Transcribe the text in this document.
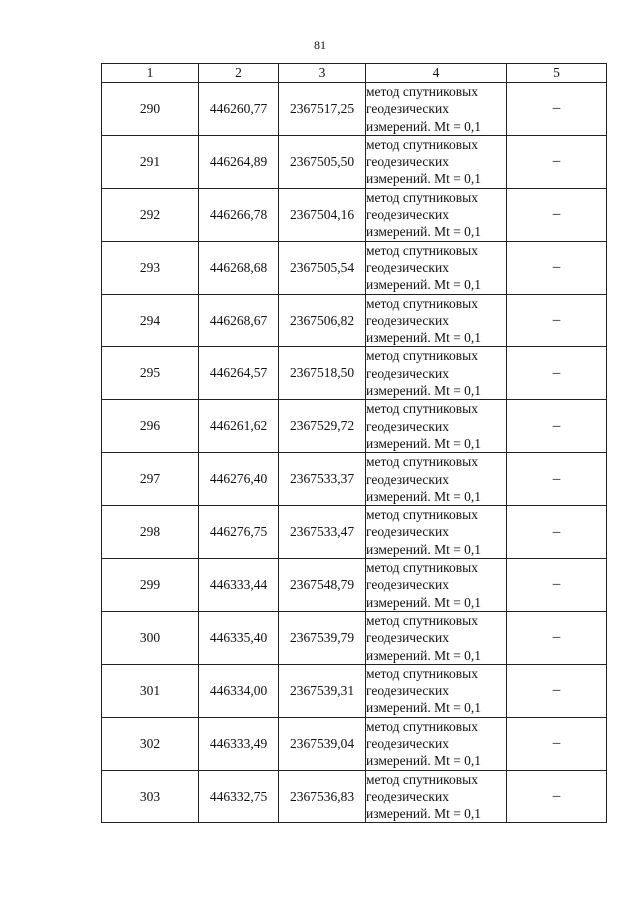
81
1	2	3	4	5
290	446260,77	2367517,25	метод спутниковых
геодезических
измерений. Mt = 0,1	–
291	446264,89	2367505,50	метод спутниковых
геодезических
измерений. Mt = 0,1	–
292	446266,78	2367504,16	метод спутниковых
геодезических
измерений. Mt = 0,1	–
293	446268,68	2367505,54	метод спутниковых
геодезических
измерений. Mt = 0,1	–
294	446268,67	2367506,82	метод спутниковых
геодезических
измерений. Mt = 0,1	–
295	446264,57	2367518,50	метод спутниковых
геодезических
измерений. Mt = 0,1	–
296	446261,62	2367529,72	метод спутниковых
геодезических
измерений. Mt = 0,1	–
297	446276,40	2367533,37	метод спутниковых
геодезических
измерений. Mt = 0,1	–
298	446276,75	2367533,47	метод спутниковых
геодезических
измерений. Mt = 0,1	–
299	446333,44	2367548,79	метод спутниковых
геодезических
измерений. Mt = 0,1	–
300	446335,40	2367539,79	метод спутниковых
геодезических
измерений. Mt = 0,1	–
301	446334,00	2367539,31	метод спутниковых
геодезических
измерений. Mt = 0,1	–
302	446333,49	2367539,04	метод спутниковых
геодезических
измерений. Mt = 0,1	–
303	446332,75	2367536,83	метод спутниковых
геодезических
измерений. Mt = 0,1	–
